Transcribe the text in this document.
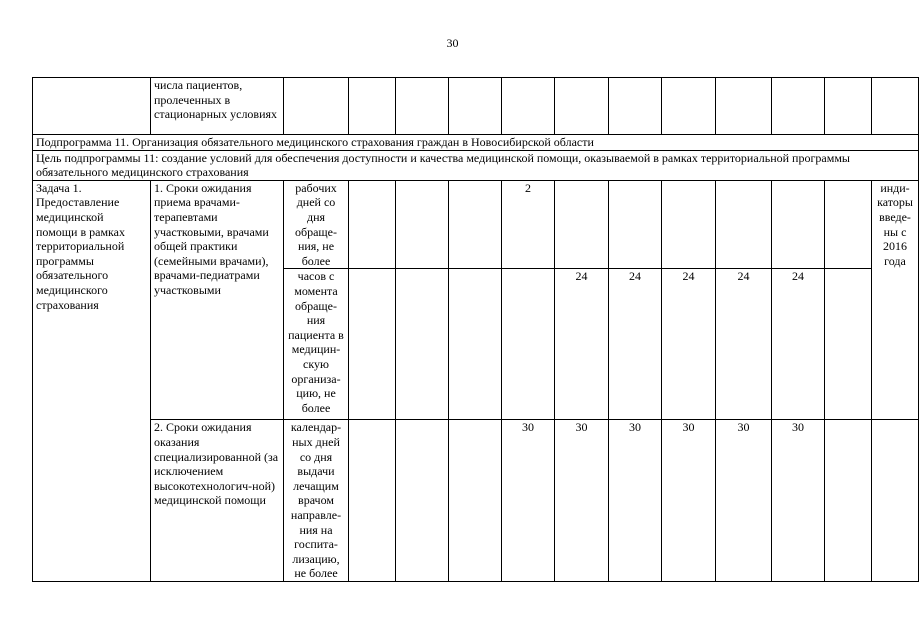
30
	числа пациентов, пролеченных в стационарных условиях												
Подпрограмма 11. Организация обязательного медицинского страхования граждан в Новосибирской области													
Цель подпрограммы 11: создание условий для обеспечения доступности и качества медицинской помощи, оказываемой в рамках территориальной программы обязательного медицинского страхования													
Задача 1. Предоставление медицинской помощи в рамках территориальной программы обязательного медицинского страхования	1. Сроки ожидания приема врачами-терапевтами участковыми, врачами общей практики (семейными врачами), врачами-педиатрами участковыми	рабочих дней со дня обраще-ния, не более				2							инди-каторы введе-ны с 2016 года
		часов с момента обраще-ния пациента в медицин-скую организа-цию, не более					24	24	24	24	24		
	2. Сроки ожидания оказания специализированной (за исключением высокотехнологич-ной) медицинской помощи	календар-ных дней со дня выдачи лечащим врачом направле-ния на госпита-лизацию, не более				30	30	30	30	30	30		
